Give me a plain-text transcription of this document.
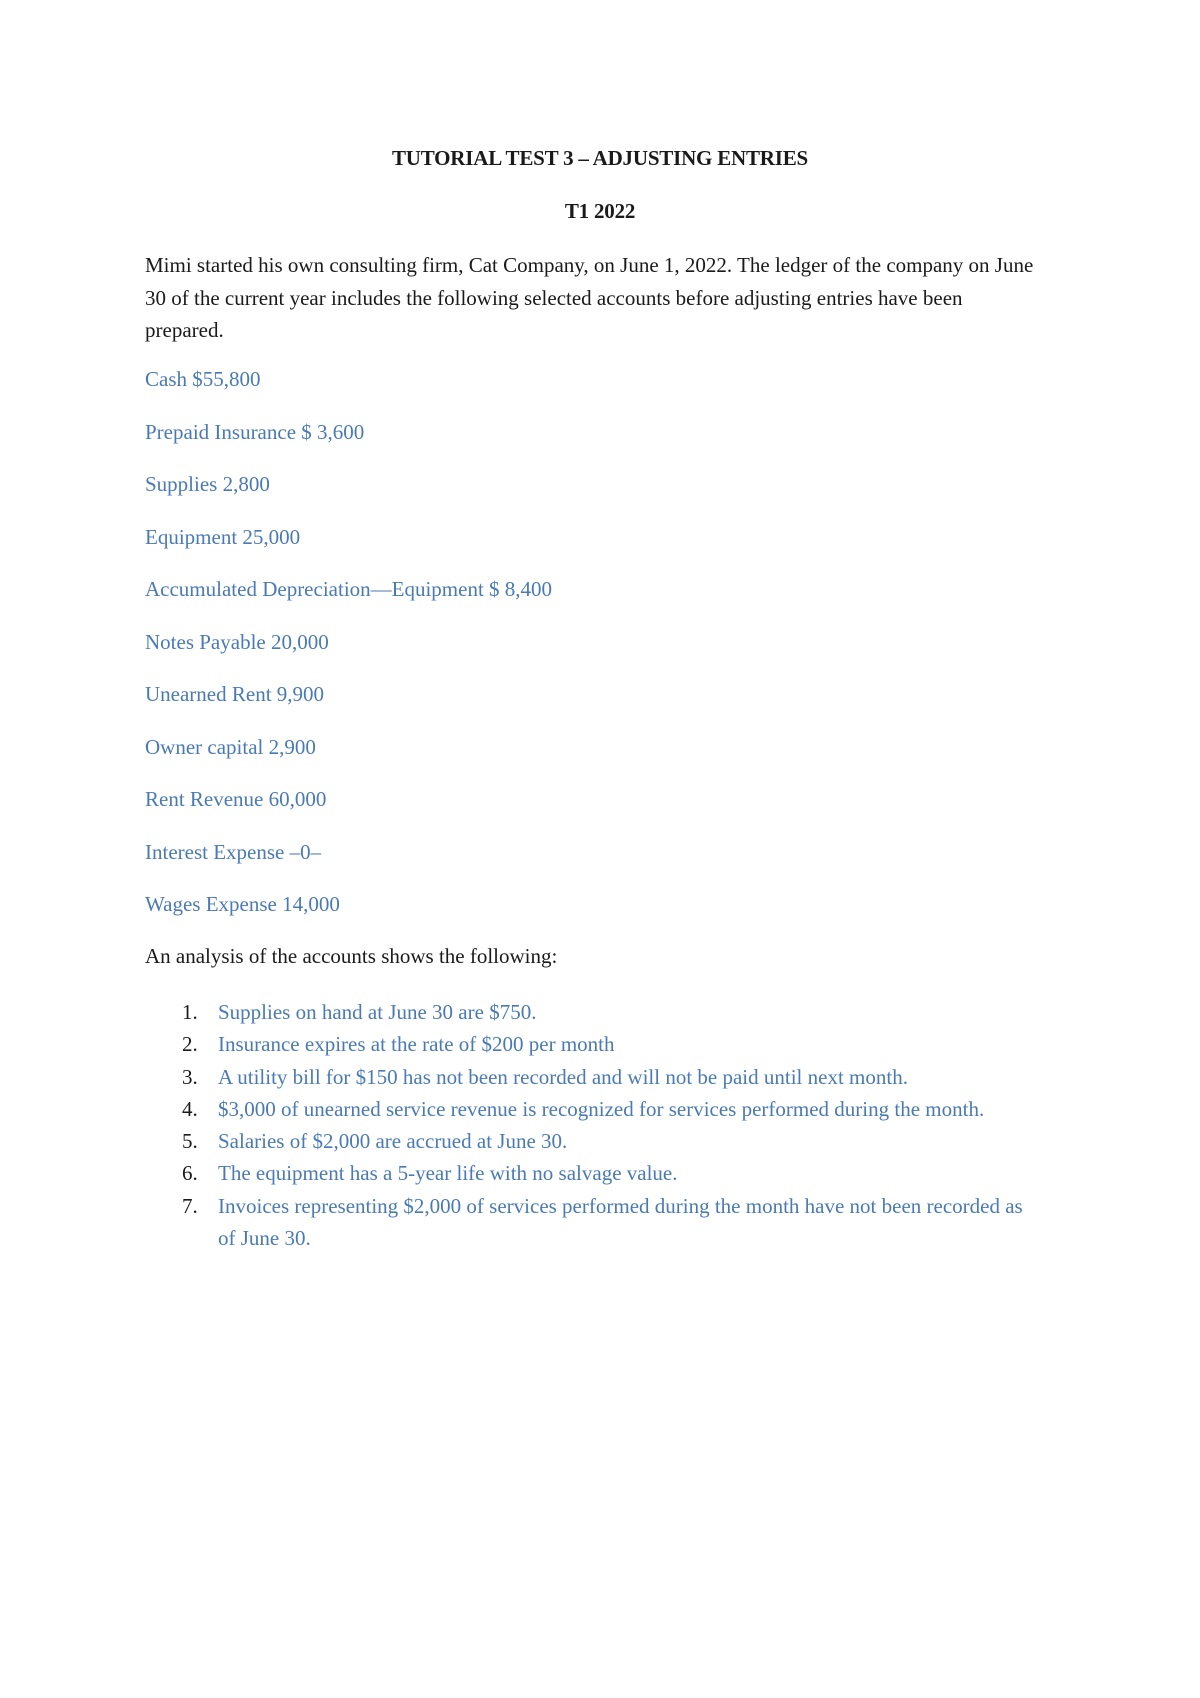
TUTORIAL TEST 3 – ADJUSTING ENTRIES
T1 2022

Mimi started his own consulting firm, Cat Company, on June 1, 2022. The ledger of the company on June 30 of the current year includes the following selected accounts before adjusting entries have been prepared.

Cash $55,800
Prepaid Insurance $ 3,600
Supplies 2,800
Equipment 25,000
Accumulated Depreciation—Equipment $ 8,400
Notes Payable 20,000
Unearned Rent 9,900
Owner capital 2,900
Rent Revenue 60,000
Interest Expense –0–
Wages Expense 14,000

An analysis of the accounts shows the following:

1. Supplies on hand at June 30 are $750.
2. Insurance expires at the rate of $200 per month
3. A utility bill for $150 has not been recorded and will not be paid until next month.
4. $3,000 of unearned service revenue is recognized for services performed during the month.
5. Salaries of $2,000 are accrued at June 30.
6. The equipment has a 5-year life with no salvage value.
7. Invoices representing $2,000 of services performed during the month have not been recorded as of June 30.
